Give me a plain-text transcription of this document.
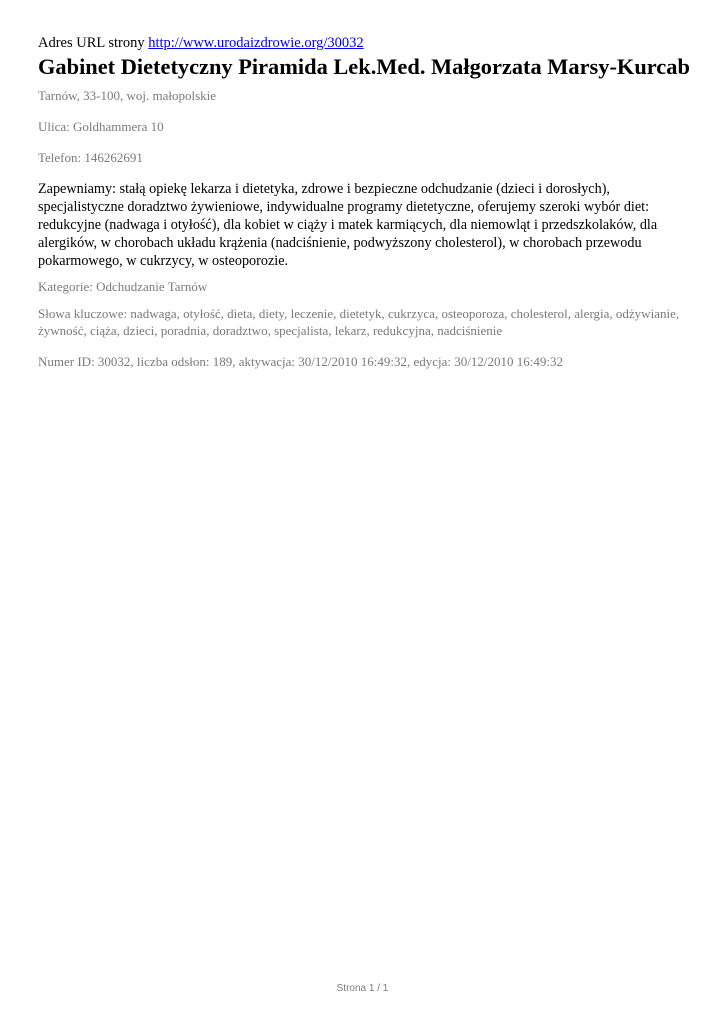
Adres URL strony http://www.urodaizdrowie.org/30032

Gabinet Dietetyczny Piramida Lek.Med. Małgorzata Marsy-Kurcab

Tarnów, 33-100, woj. małopolskie

Ulica: Goldhammera 10

Telefon: 146262691

Zapewniamy: stałą opiekę lekarza i dietetyka, zdrowe i bezpieczne odchudzanie (dzieci i dorosłych), specjalistyczne doradztwo żywieniowe, indywidualne programy dietetyczne, oferujemy szeroki wybór diet: redukcyjne (nadwaga i otyłość), dla kobiet w ciąży i matek karmiących, dla niemowląt i przedszkolaków, dla alergików, w chorobach układu krążenia (nadciśnienie, podwyższony cholesterol), w chorobach przewodu pokarmowego, w cukrzycy, w osteoporozie.

Kategorie: Odchudzanie Tarnów

Słowa kluczowe: nadwaga, otyłość, dieta, diety, leczenie, dietetyk, cukrzyca, osteoporoza, cholesterol, alergia, odżywianie, żywność, ciąża, dzieci, poradnia, doradztwo, specjalista, lekarz, redukcyjna, nadciśnienie

Numer ID: 30032, liczba odsłon: 189, aktywacja: 30/12/2010 16:49:32, edycja: 30/12/2010 16:49:32

Strona 1 / 1
